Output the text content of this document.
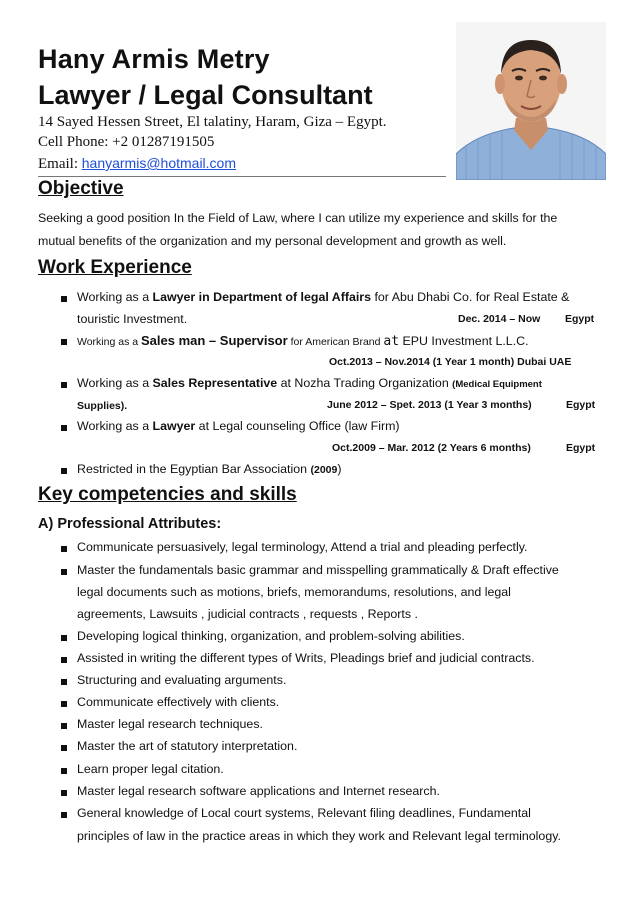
Hany Armis Metry
Lawyer / Legal Consultant
14 Sayed Hessen Street, El talatiny, Haram, Giza – Egypt.
Cell Phone: +2 01287191505
Email: hanyarmis@hotmail.com
Objective
Seeking a good position In the Field of Law, where I can utilize my experience and skills for the
mutual benefits of the organization and my personal development and growth as well.
Work Experience
Working as a Lawyer in Department of legal Affairs for Abu Dhabi Co. for Real Estate &
touristic Investment.	Dec. 2014 – Now Egypt
Working as a Sales man – Supervisor for American Brand at EPU Investment L.L.C.
Oct.2013 – Nov.2014 (1 Year 1 month) Dubai UAE
Working as a Sales Representative at Nozha Trading Organization (Medical Equipment
Supplies).	June 2012 – Spet. 2013 (1 Year 3 months)	Egypt
Working as a Lawyer at Legal counseling Office (law Firm)
Oct.2009 – Mar. 2012 (2 Years 6 months)	Egypt
Restricted in the Egyptian Bar Association (2009)
Key competencies and skills
A) Professional Attributes:
Communicate persuasively, legal terminology, Attend a trial and pleading perfectly.
Master the fundamentals basic grammar and misspelling grammatically & Draft effective
legal documents such as motions, briefs, memorandums, resolutions, and legal
agreements, Lawsuits , judicial contracts , requests , Reports .
Developing logical thinking, organization, and problem-solving abilities.
Assisted in writing the different types of Writs, Pleadings brief and judicial contracts.
Structuring and evaluating arguments.
Communicate effectively with clients.
Master legal research techniques.
Master the art of statutory interpretation.
Learn proper legal citation.
Master legal research software applications and Internet research.
General knowledge of Local court systems, Relevant filing deadlines, Fundamental
principles of law in the practice areas in which they work and Relevant legal terminology.
